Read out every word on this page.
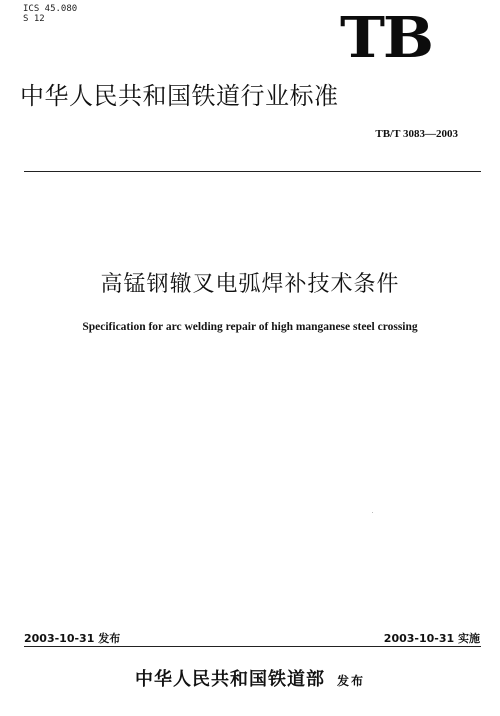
ICS 45.080
S 12	TB
中华人民共和国铁道行业标准
TB/T 3083—2003
高锰钢辙叉电弧焊补技术条件
Specification for arc welding repair of high manganese steel crossing
2003-10-31 发布	2003-10-31 实施
中华人民共和国铁道部 发布
